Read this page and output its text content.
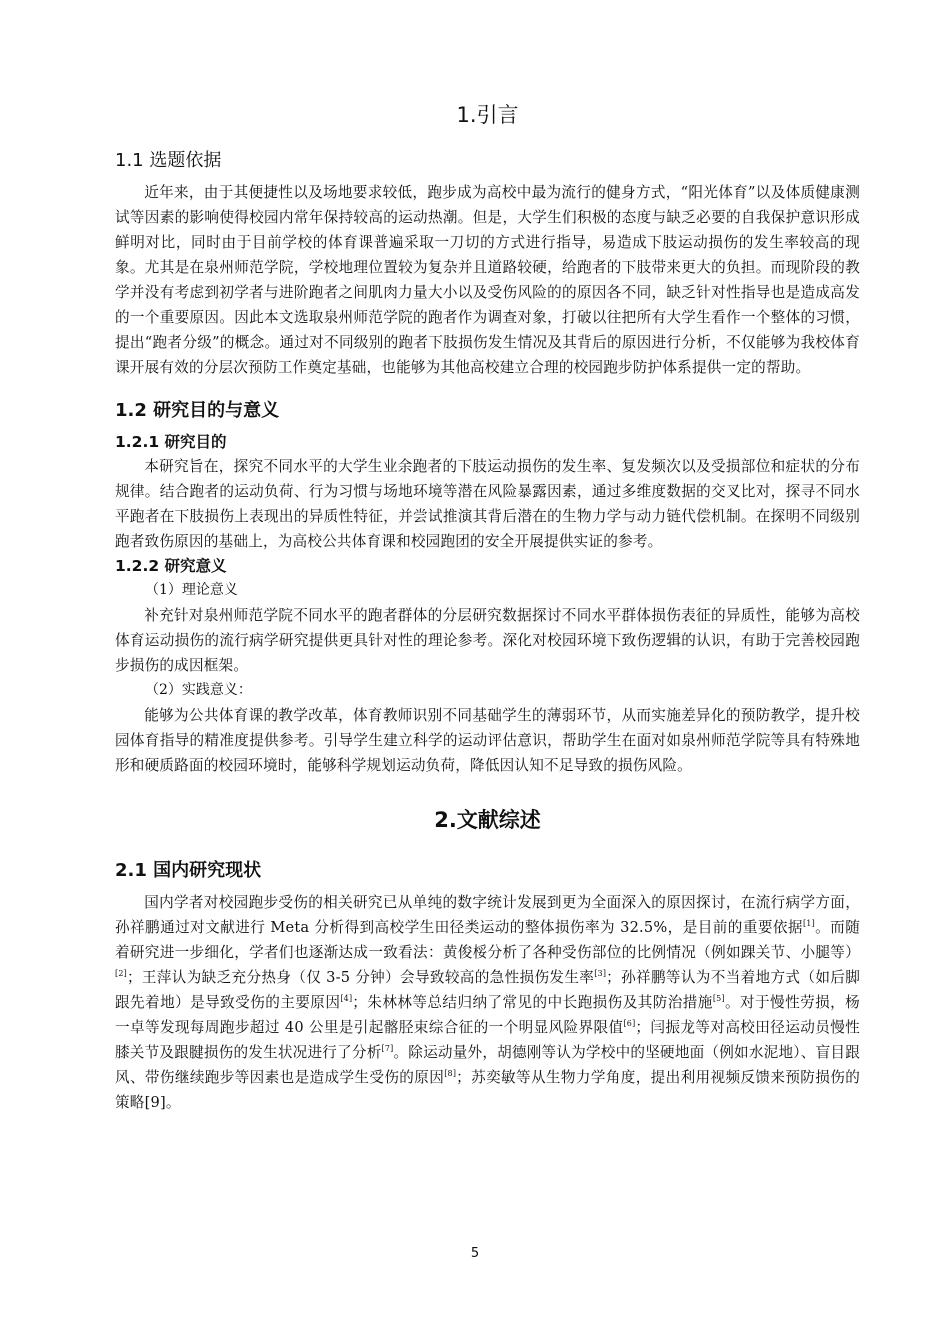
1.引言
1.1 选题依据

近年来，由于其便捷性以及场地要求较低，跑步成为高校中最为流行的健身方式，“阳光体育”以及体质健康测试等因素的影响使得校园内常年保持较高的运动热潮。但是，大学生们积极的态度与缺乏必要的自我保护意识形成鲜明对比，同时由于目前学校的体育课普遍采取一刀切的方式进行指导，易造成下肢运动损伤的发生率较高的现象。尤其是在泉州师范学院，学校地理位置较为复杂并且道路较硬，给跑者的下肢带来更大的负担。而现阶段的教学并没有考虑到初学者与进阶跑者之间肌肉力量大小以及受伤风险的的原因各不同，缺乏针对性指导也是造成高发的一个重要原因。因此本文选取泉州师范学院的跑者作为调查对象，打破以往把所有大学生看作一个整体的习惯，提出“跑者分级”的概念。通过对不同级别的跑者下肢损伤发生情况及其背后的原因进行分析，不仅能够为我校体育课开展有效的分层次预防工作奠定基础，也能够为其他高校建立合理的校园跑步防护体系提供一定的帮助。

1.2 研究目的与意义
1.2.1 研究目的

本研究旨在，探究不同水平的大学生业余跑者的下肢运动损伤的发生率、复发频次以及受损部位和症状的分布规律。结合跑者的运动负荷、行为习惯与场地环境等潜在风险暴露因素，通过多维度数据的交叉比对，探寻不同水平跑者在下肢损伤上表现出的异质性特征，并尝试推演其背后潜在的生物力学与动力链代偿机制。在探明不同级别跑者致伤原因的基础上，为高校公共体育课和校园跑团的安全开展提供实证的参考。

1.2.2 研究意义
（1）理论意义

补充针对泉州师范学院不同水平的跑者群体的分层研究数据探讨不同水平群体损伤表征的异质性，能够为高校体育运动损伤的流行病学研究提供更具针对性的理论参考。深化对校园环境下致伤逻辑的认识，有助于完善校园跑步损伤的成因框架。

（2）实践意义：

能够为公共体育课的教学改革，体育教师识别不同基础学生的薄弱环节，从而实施差异化的预防教学，提升校园体育指导的精准度提供参考。引导学生建立科学的运动评估意识，帮助学生在面对如泉州师范学院等具有特殊地形和硬质路面的校园环境时，能够科学规划运动负荷，降低因认知不足导致的损伤风险。

2.文献综述
2.1 国内研究现状

国内学者对校园跑步受伤的相关研究已从单纯的数字统计发展到更为全面深入的原因探讨，在流行病学方面，孙祥鹏通过对文献进行 Meta 分析得到高校学生田径类运动的整体损伤率为 32.5%，是目前的重要依据[1]。而随着研究进一步细化，学者们也逐渐达成一致看法：黄俊桵分析了各种受伤部位的比例情况（例如踝关节、小腿等）[2]；王萍认为缺乏充分热身（仅 3-5 分钟）会导致较高的急性损伤发生率[3]；孙祥鹏等认为不当着地方式（如后脚跟先着地）是导致受伤的主要原因[4]；朱林林等总结归纳了常见的中长跑损伤及其防治措施[5]。对于慢性劳损，杨一卓等发现每周跑步超过 40 公里是引起髂胫束综合征的一个明显风险界限值[6]；闫振龙等对高校田径运动员慢性膝关节及跟腱损伤的发生状况进行了分析[7]。除运动量外，胡德刚等认为学校中的坚硬地面（例如水泥地）、盲目跟风、带伤继续跑步等因素也是造成学生受伤的原因[8]；苏奕敏等从生物力学角度，提出利用视频反馈来预防损伤的策略[9]。

5
